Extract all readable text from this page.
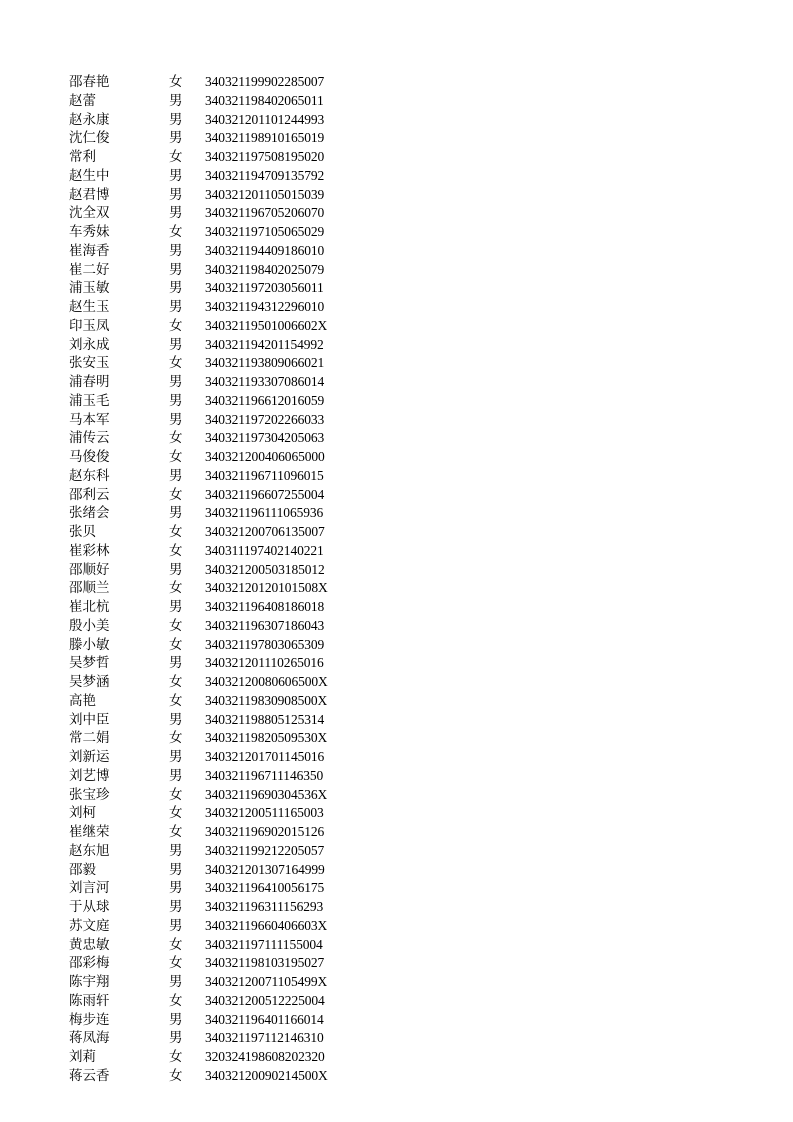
邵春艳	女 340321199902285007
赵蕾	男 340321198402065011
赵永康	男 340321201101244993
沈仁俊	男 340321198910165019
常利	女 340321197508195020
赵生中	男 340321194709135792
赵君博	男 340321201105015039
沈全双	男 340321196705206070
车秀妹	女 340321197105065029
崔海香	男 340321194409186010
崔二好	男 340321198402025079
浦玉敏	男 340321197203056011
赵生玉	男 340321194312296010
印玉凤	女 34032119501006602X
刘永成	男 340321194201154992
张安玉	女 340321193809066021
浦春明	男 340321193307086014
浦玉毛	男 340321196612016059
马本军	男 340321197202266033
浦传云	女 340321197304205063
马俊俊	女 340321200406065000
赵东科	男 340321196711096015
邵利云	女 340321196607255004
张绪会	男 340321196111065936
张贝	女 340321200706135007
崔彩林	女 340311197402140221
邵顺好	男 340321200503185012
邵顺兰	女 34032120120101508X
崔北杭	男 340321196408186018
殷小美	女 340321196307186043
滕小敏	女 340321197803065309
吴梦哲	男 340321201110265016
吴梦涵	女 34032120080606500X
高艳	女 34032119830908500X
刘中臣	男 340321198805125314
常二娟	女 34032119820509530X
刘新运	男 340321201701145016
刘艺博	男 340321196711146350
张宝珍	女 34032119690304536X
刘柯	女 340321200511165003
崔继荣	女 340321196902015126
赵东旭	男 340321199212205057
邵毅	男 340321201307164999
刘言河	男 340321196410056175
于从球	男 340321196311156293
苏文庭	男 34032119660406603X
黄忠敏	女 340321197111155004
邵彩梅	女 340321198103195027
陈宇翔	男 34032120071105499X
陈雨轩	女 340321200512225004
梅步连	男 340321196401166014
蒋凤海	男 340321197112146310
刘莉	女 320324198608202320
蒋云香	女 34032120090214500X
